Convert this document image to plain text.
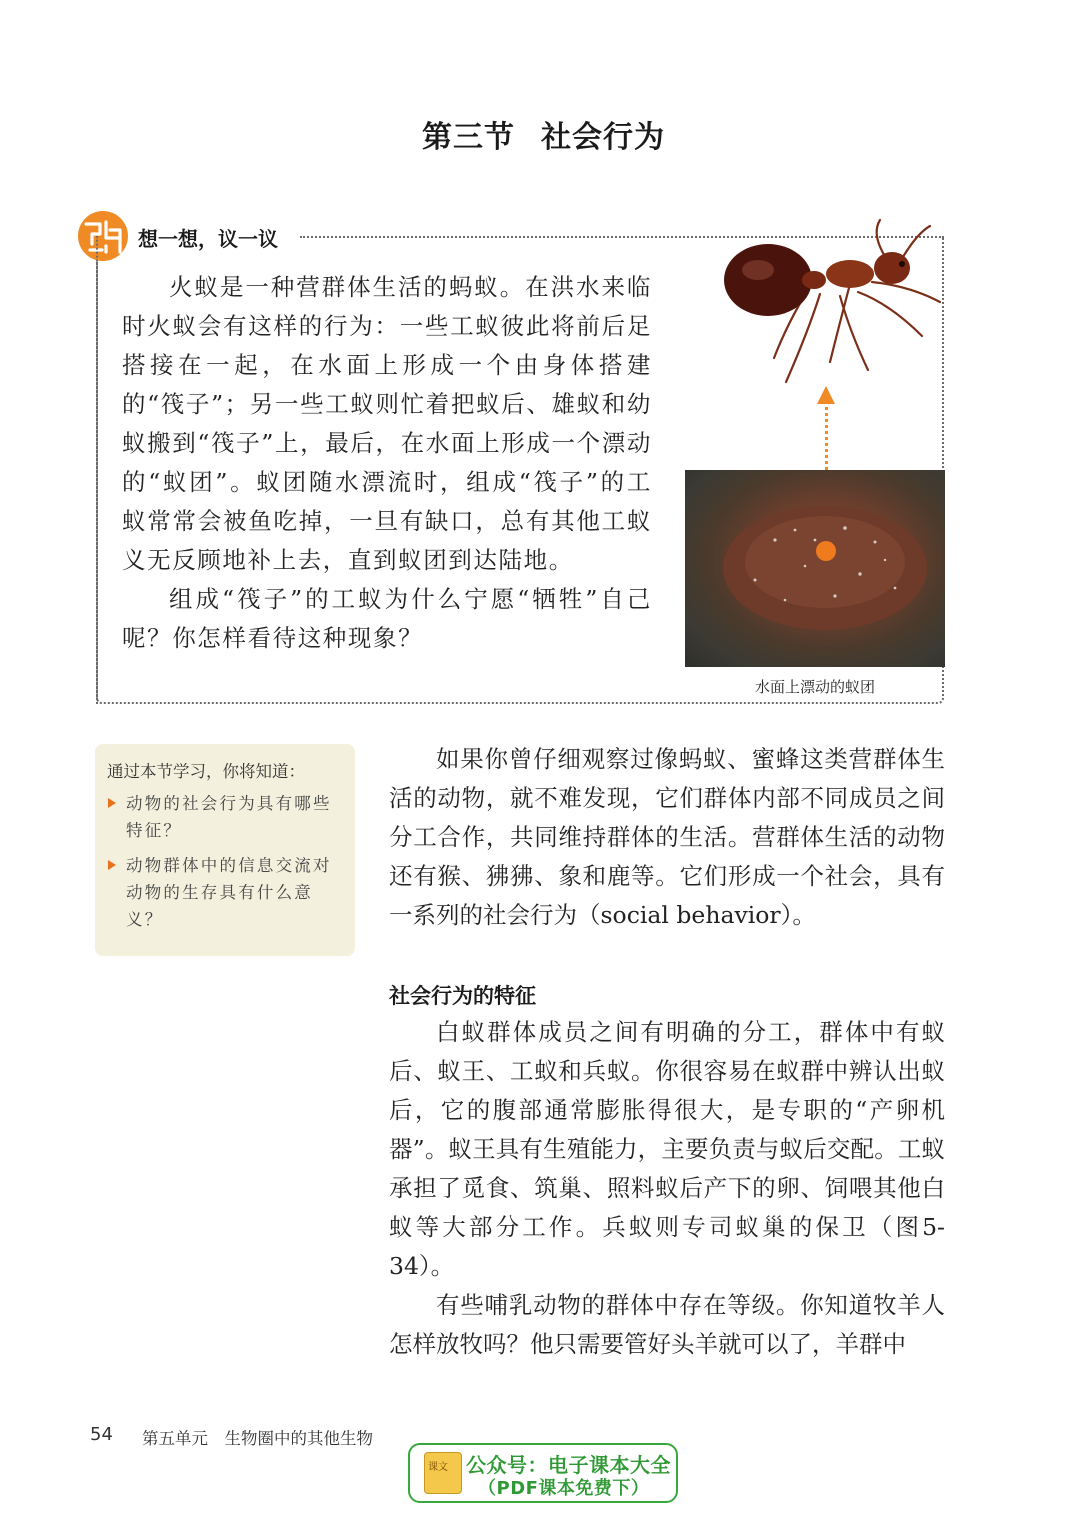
第三节 社会行为
想一想，议一议

火蚁是一种营群体生活的蚂蚁。在洪水来临时火蚁会有这样的行为：一些工蚁彼此将前后足搭接在一起，在水面上形成一个由身体搭建的“筏子”；另一些工蚁则忙着把蚁后、雄蚁和幼蚁搬到“筏子”上，最后，在水面上形成一个漂动的“蚁团”。蚁团随水漂流时，组成“筏子”的工蚁常常会被鱼吃掉，一旦有缺口，总有其他工蚁义无反顾地补上去，直到蚁团到达陆地。

组成“筏子”的工蚁为什么宁愿“牺牲”自己呢？你怎样看待这种现象？

水面上漂动的蚁团
通过本节学习，你将知道：
动物的社会行为具有哪些特征？
动物群体中的信息交流对动物的生存具有什么意义？

如果你曾仔细观察过像蚂蚁、蜜蜂这类营群体生活的动物，就不难发现，它们群体内部不同成员之间分工合作，共同维持群体的生活。营群体生活的动物还有猴、狒狒、象和鹿等。它们形成一个社会，具有一系列的社会行为（social behavior）。

社会行为的特征

白蚁群体成员之间有明确的分工，群体中有蚁后、蚁王、工蚁和兵蚁。你很容易在蚁群中辨认出蚁后，它的腹部通常膨胀得很大，是专职的“产卵机器”。蚁王具有生殖能力，主要负责与蚁后交配。工蚁承担了觅食、筑巢、照料蚁后产下的卵、饲喂其他白蚁等大部分工作。兵蚁则专司蚁巢的保卫（图5-34）。

有些哺乳动物的群体中存在等级。你知道牧羊人怎样放牧吗？他只需要管好头羊就可以了，羊群中

54 第五单元　生物圈中的其他生物
课文 公众号：电子课本大全
（PDF课本免费下）
